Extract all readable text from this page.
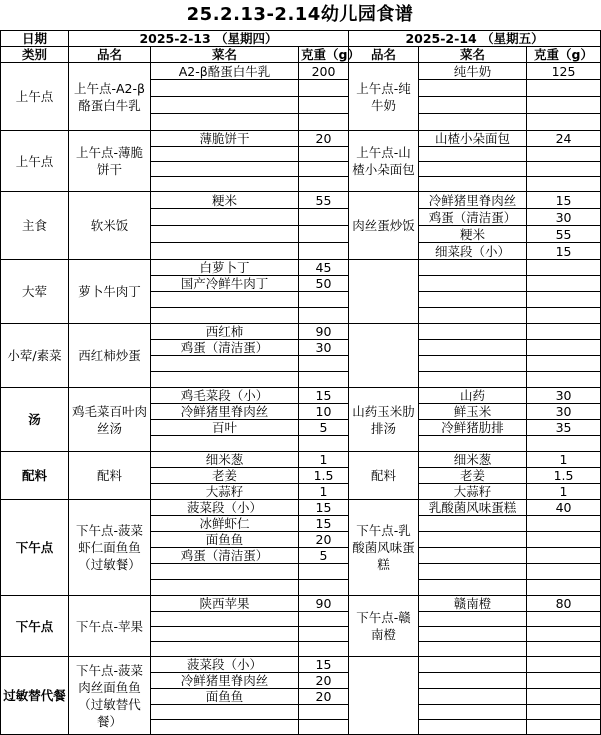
25.2.13-2.14幼儿园食谱
日期	2025-2-13 （星期四）			2025-2-14 （星期五）		
类别	品名	菜名	克重（g）	品名	菜名	克重（g）
上午点	上午点-A2-β酪蛋白牛乳	A2-β酪蛋白牛乳	200	上午点-纯牛奶	纯牛奶	125

上午点	上午点-薄脆饼干	薄脆饼干	20	上午点-山楂小朵面包	山楂小朵面包	24

主食	软米饭	粳米	55	肉丝蛋炒饭	冷鲜猪里脊肉丝	15
					鸡蛋（清洁蛋）	30
					粳米	55
					细菜段（小）	15
大荤	萝卜牛肉丁	白萝卜丁	45			
		国产冷鲜牛肉丁	50			

小荤/素菜	西红柿炒蛋	西红柿	90			
		鸡蛋（清洁蛋）	30			

汤	鸡毛菜百叶肉丝汤	鸡毛菜段（小）	15	山药玉米肋排汤	山药	30
		冷鲜猪里脊肉丝	10		鲜玉米	30
		百叶	5		冷鲜猪肋排	35

配料	配料	细米葱	1	配料	细米葱	1
		老姜	1.5		老姜	1.5
		大蒜籽	1		大蒜籽	1
下午点	下午点-菠菜虾仁面鱼鱼（过敏餐）	菠菜段（小）	15	下午点-乳酸菌风味蛋糕	乳酸菌风味蛋糕	40
		冰鲜虾仁	15			
		面鱼鱼	20			
		鸡蛋（清洁蛋）	5			

下午点	下午点-苹果	陕西苹果	90	下午点-赣南橙	赣南橙	80

过敏替代餐	下午点-菠菜肉丝面鱼鱼（过敏替代餐）	菠菜段（小）	15			
		冷鲜猪里脊肉丝	20			
		面鱼鱼	20			
